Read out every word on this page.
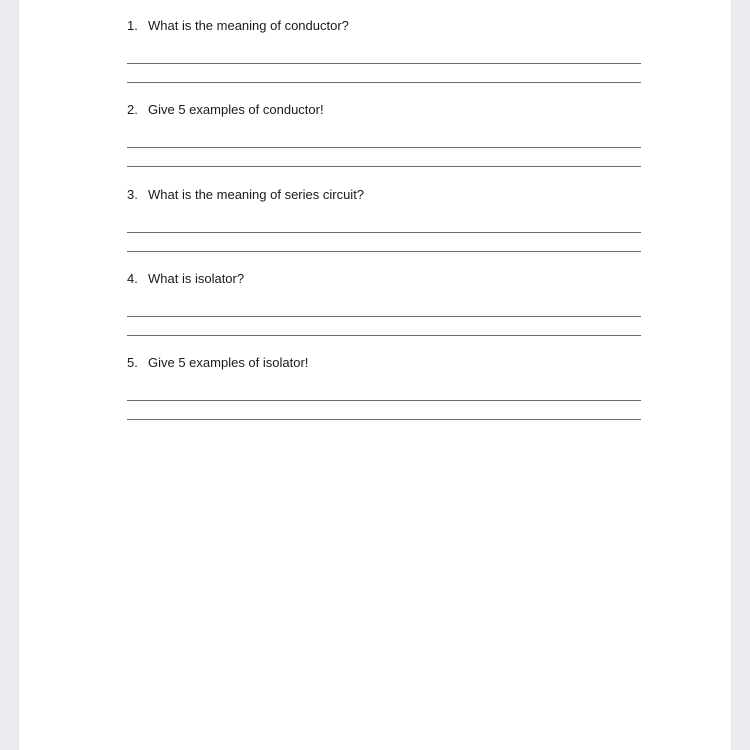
1. What is the meaning of conductor?
2. Give 5 examples of conductor!
3. What is the meaning of series circuit?
4. What is isolator?
5. Give 5 examples of isolator!
